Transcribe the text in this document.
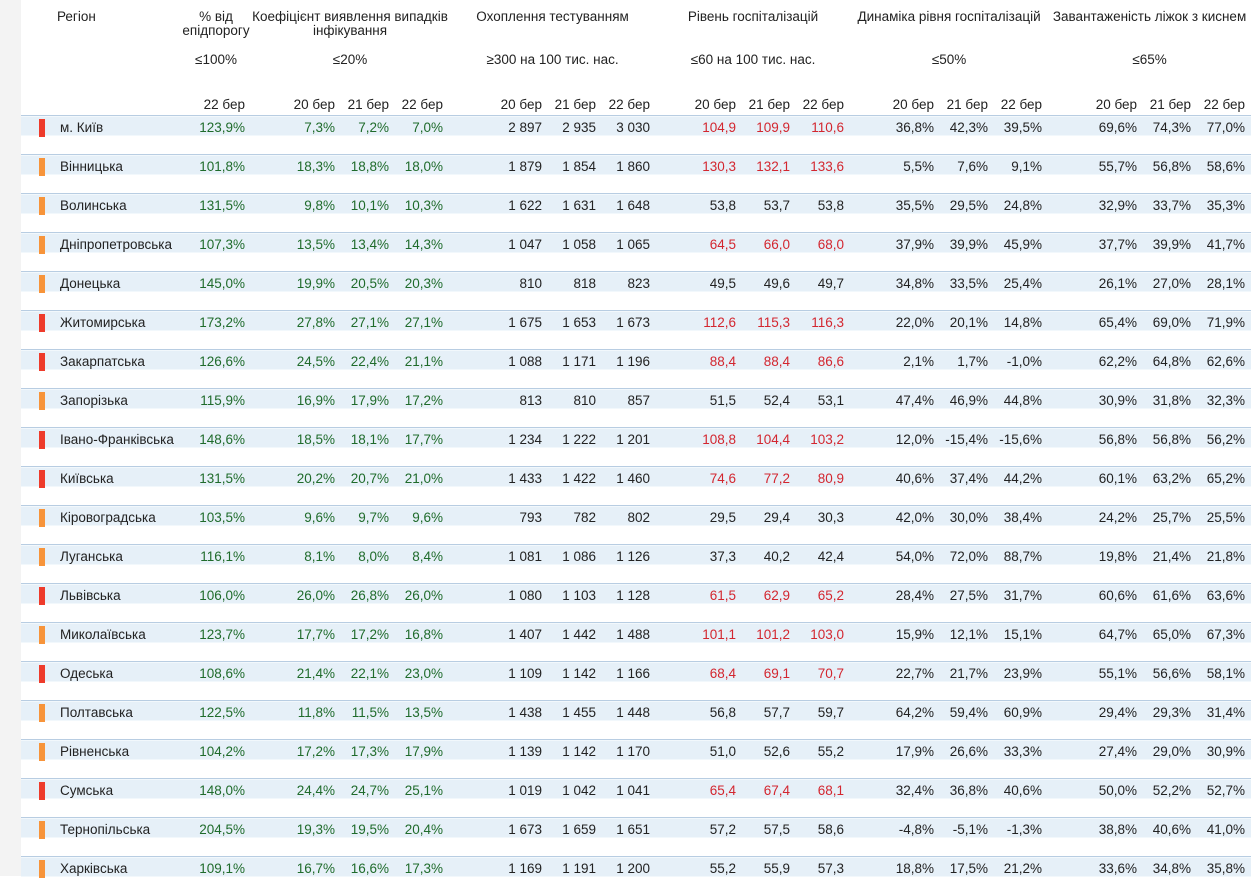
Регіон	% від епідпорогу	Коефіцієнт виявлення випадків інфікування			Охоплення тестуванням			Рівень госпіталізацій			Динаміка рівня госпіталізацій			Завантаженість ліжок з киснем		
	≤100%	≤20%			≥300 на 100 тис. нас.			≤60 на 100 тис. нас.			≤50%			≤65%		
	22 бер	20 бер	21 бер	22 бер	20 бер	21 бер	22 бер	20 бер	21 бер	22 бер	20 бер	21 бер	22 бер	20 бер	21 бер	22 бер
м. Київ	123,9%	7,3%	7,2%	7,0%	2 897	2 935	3 030	104,9	109,9	110,6	36,8%	42,3%	39,5%	69,6%	74,3%	77,0%
Вінницька	101,8%	18,3%	18,8%	18,0%	1 879	1 854	1 860	130,3	132,1	133,6	5,5%	7,6%	9,1%	55,7%	56,8%	58,6%
Волинська	131,5%	9,8%	10,1%	10,3%	1 622	1 631	1 648	53,8	53,7	53,8	35,5%	29,5%	24,8%	32,9%	33,7%	35,3%
Дніпропетровська	107,3%	13,5%	13,4%	14,3%	1 047	1 058	1 065	64,5	66,0	68,0	37,9%	39,9%	45,9%	37,7%	39,9%	41,7%
Донецька	145,0%	19,9%	20,5%	20,3%	810	818	823	49,5	49,6	49,7	34,8%	33,5%	25,4%	26,1%	27,0%	28,1%
Житомирська	173,2%	27,8%	27,1%	27,1%	1 675	1 653	1 673	112,6	115,3	116,3	22,0%	20,1%	14,8%	65,4%	69,0%	71,9%
Закарпатська	126,6%	24,5%	22,4%	21,1%	1 088	1 171	1 196	88,4	88,4	86,6	2,1%	1,7%	-1,0%	62,2%	64,8%	62,6%
Запорізька	115,9%	16,9%	17,9%	17,2%	813	810	857	51,5	52,4	53,1	47,4%	46,9%	44,8%	30,9%	31,8%	32,3%
Івано-Франківська	148,6%	18,5%	18,1%	17,7%	1 234	1 222	1 201	108,8	104,4	103,2	12,0%	-15,4%	-15,6%	56,8%	56,8%	56,2%
Київська	131,5%	20,2%	20,7%	21,0%	1 433	1 422	1 460	74,6	77,2	80,9	40,6%	37,4%	44,2%	60,1%	63,2%	65,2%
Кіровоградська	103,5%	9,6%	9,7%	9,6%	793	782	802	29,5	29,4	30,3	42,0%	30,0%	38,4%	24,2%	25,7%	25,5%
Луганська	116,1%	8,1%	8,0%	8,4%	1 081	1 086	1 126	37,3	40,2	42,4	54,0%	72,0%	88,7%	19,8%	21,4%	21,8%
Львівська	106,0%	26,0%	26,8%	26,0%	1 080	1 103	1 128	61,5	62,9	65,2	28,4%	27,5%	31,7%	60,6%	61,6%	63,6%
Миколаївська	123,7%	17,7%	17,2%	16,8%	1 407	1 442	1 488	101,1	101,2	103,0	15,9%	12,1%	15,1%	64,7%	65,0%	67,3%
Одеська	108,6%	21,4%	22,1%	23,0%	1 109	1 142	1 166	68,4	69,1	70,7	22,7%	21,7%	23,9%	55,1%	56,6%	58,1%
Полтавська	122,5%	11,8%	11,5%	13,5%	1 438	1 455	1 448	56,8	57,7	59,7	64,2%	59,4%	60,9%	29,4%	29,3%	31,4%
Рівненська	104,2%	17,2%	17,3%	17,9%	1 139	1 142	1 170	51,0	52,6	55,2	17,9%	26,6%	33,3%	27,4%	29,0%	30,9%
Сумська	148,0%	24,4%	24,7%	25,1%	1 019	1 042	1 041	65,4	67,4	68,1	32,4%	36,8%	40,6%	50,0%	52,2%	52,7%
Тернопільська	204,5%	19,3%	19,5%	20,4%	1 673	1 659	1 651	57,2	57,5	58,6	-4,8%	-5,1%	-1,3%	38,8%	40,6%	41,0%
Харківська	109,1%	16,7%	16,6%	17,3%	1 169	1 191	1 200	55,2	55,9	57,3	18,8%	17,5%	21,2%	33,6%	34,8%	35,8%
